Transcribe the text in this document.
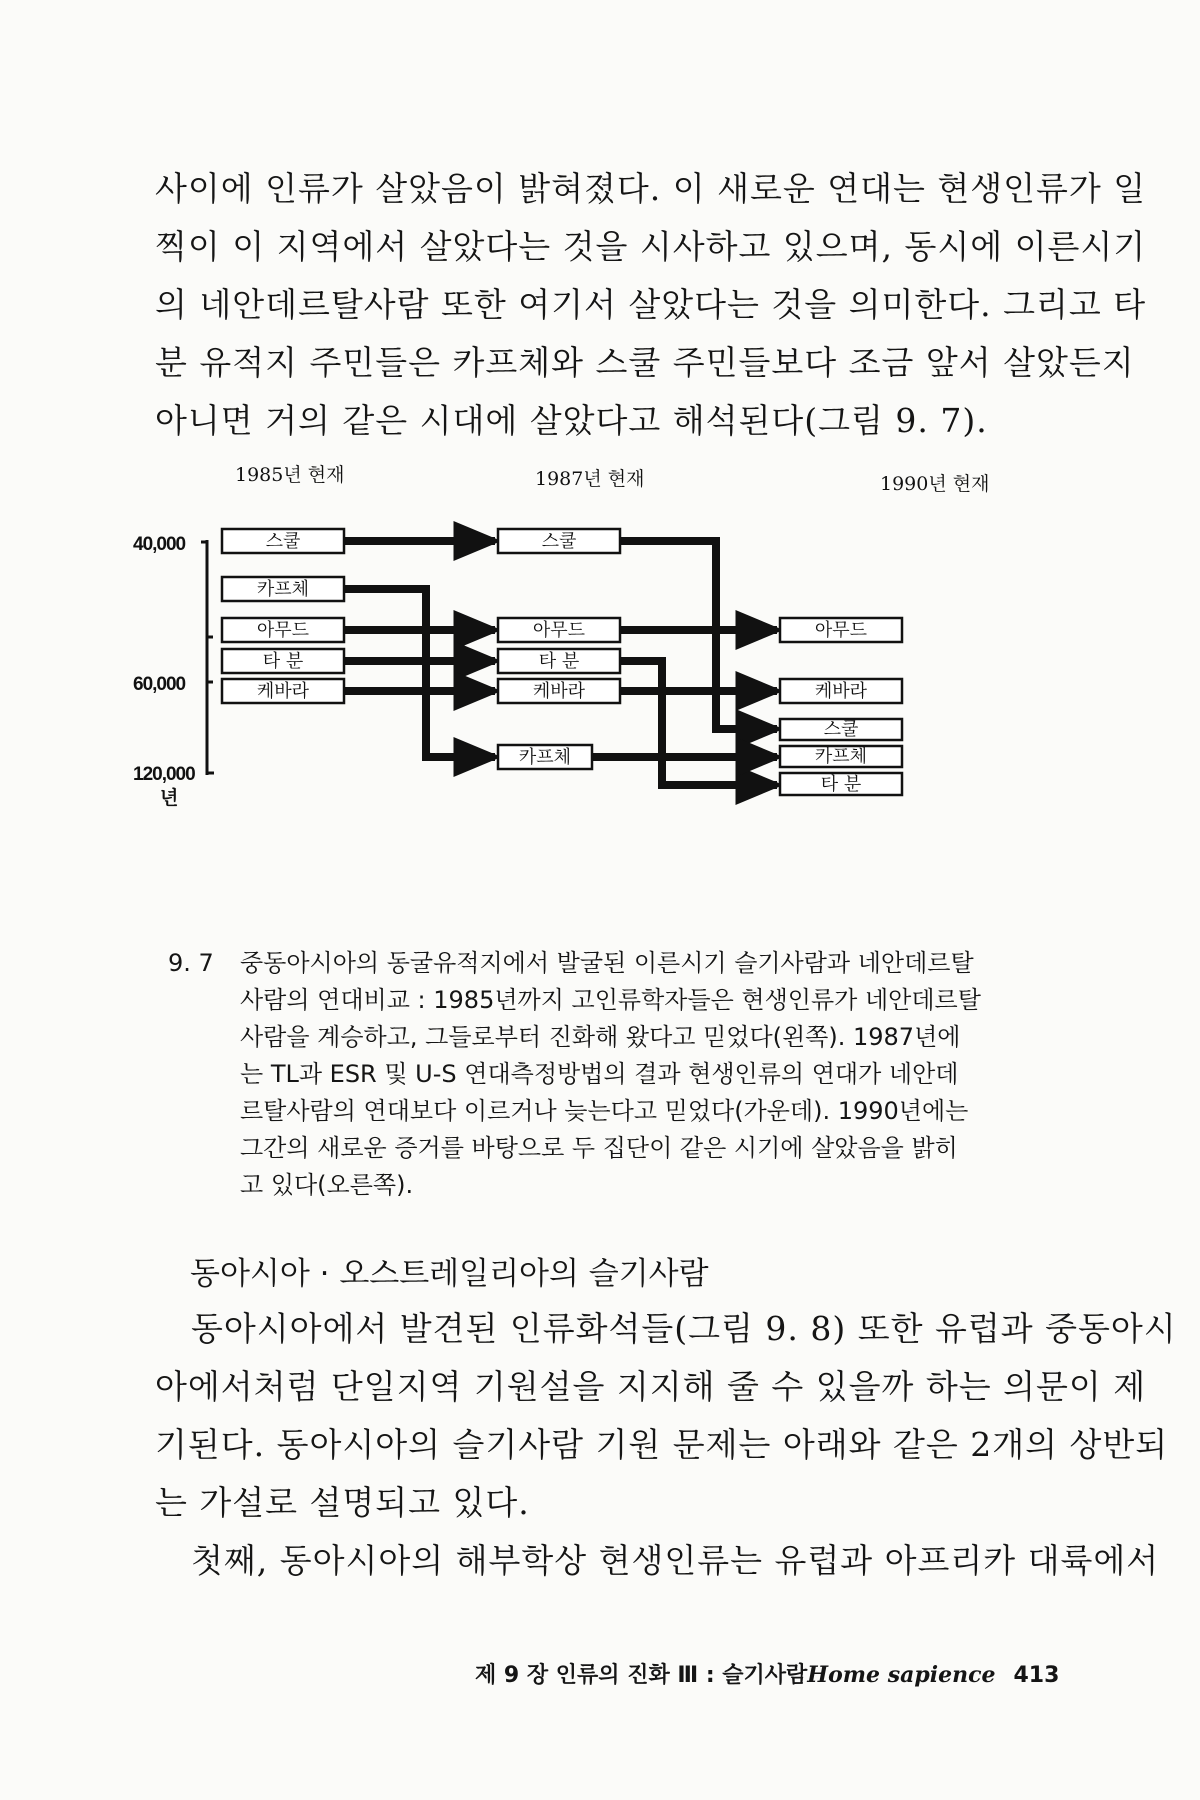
사이에 인류가 살았음이 밝혀졌다. 이 새로운 연대는 현생인류가 일
찍이 이 지역에서 살았다는 것을 시사하고 있으며, 동시에 이른시기
의 네안데르탈사람 또한 여기서 살았다는 것을 의미한다. 그리고 타
분 유적지 주민들은 카프체와 스쿨 주민들보다 조금 앞서 살았든지
아니면 거의 같은 시대에 살았다고 해석된다(그림 9. 7).

1985년 현재	1987년 현재	1990년 현재
40,000
60,000
120,000
년
스쿨
카프체
아무드
타 분
케바라
스쿨
아무드
타 분
케바라
카프체
아무드
케바라
스쿨
카프체
타 분
9. 7 중동아시아의 동굴유적지에서 발굴된 이른시기 슬기사람과 네안데르탈
사람의 연대비교 : 1985년까지 고인류학자들은 현생인류가 네안데르탈
사람을 계승하고, 그들로부터 진화해 왔다고 믿었다(왼쪽). 1987년에
는 TL과 ESR 및 U-S 연대측정방법의 결과 현생인류의 연대가 네안데
르탈사람의 연대보다 이르거나 늦는다고 믿었다(가운데). 1990년에는
그간의 새로운 증거를 바탕으로 두 집단이 같은 시기에 살았음을 밝히
고 있다(오른쪽).
동아시아 · 오스트레일리아의 슬기사람

동아시아에서 발견된 인류화석들(그림 9. 8) 또한 유럽과 중동아시
아에서처럼 단일지역 기원설을 지지해 줄 수 있을까 하는 의문이 제
기된다. 동아시아의 슬기사람 기원 문제는 아래와 같은 2개의 상반되
는 가설로 설명되고 있다.
첫째, 동아시아의 해부학상 현생인류는 유럽과 아프리카 대륙에서

제 9 장 인류의 진화 Ⅲ : 슬기사람Home sapience 413
